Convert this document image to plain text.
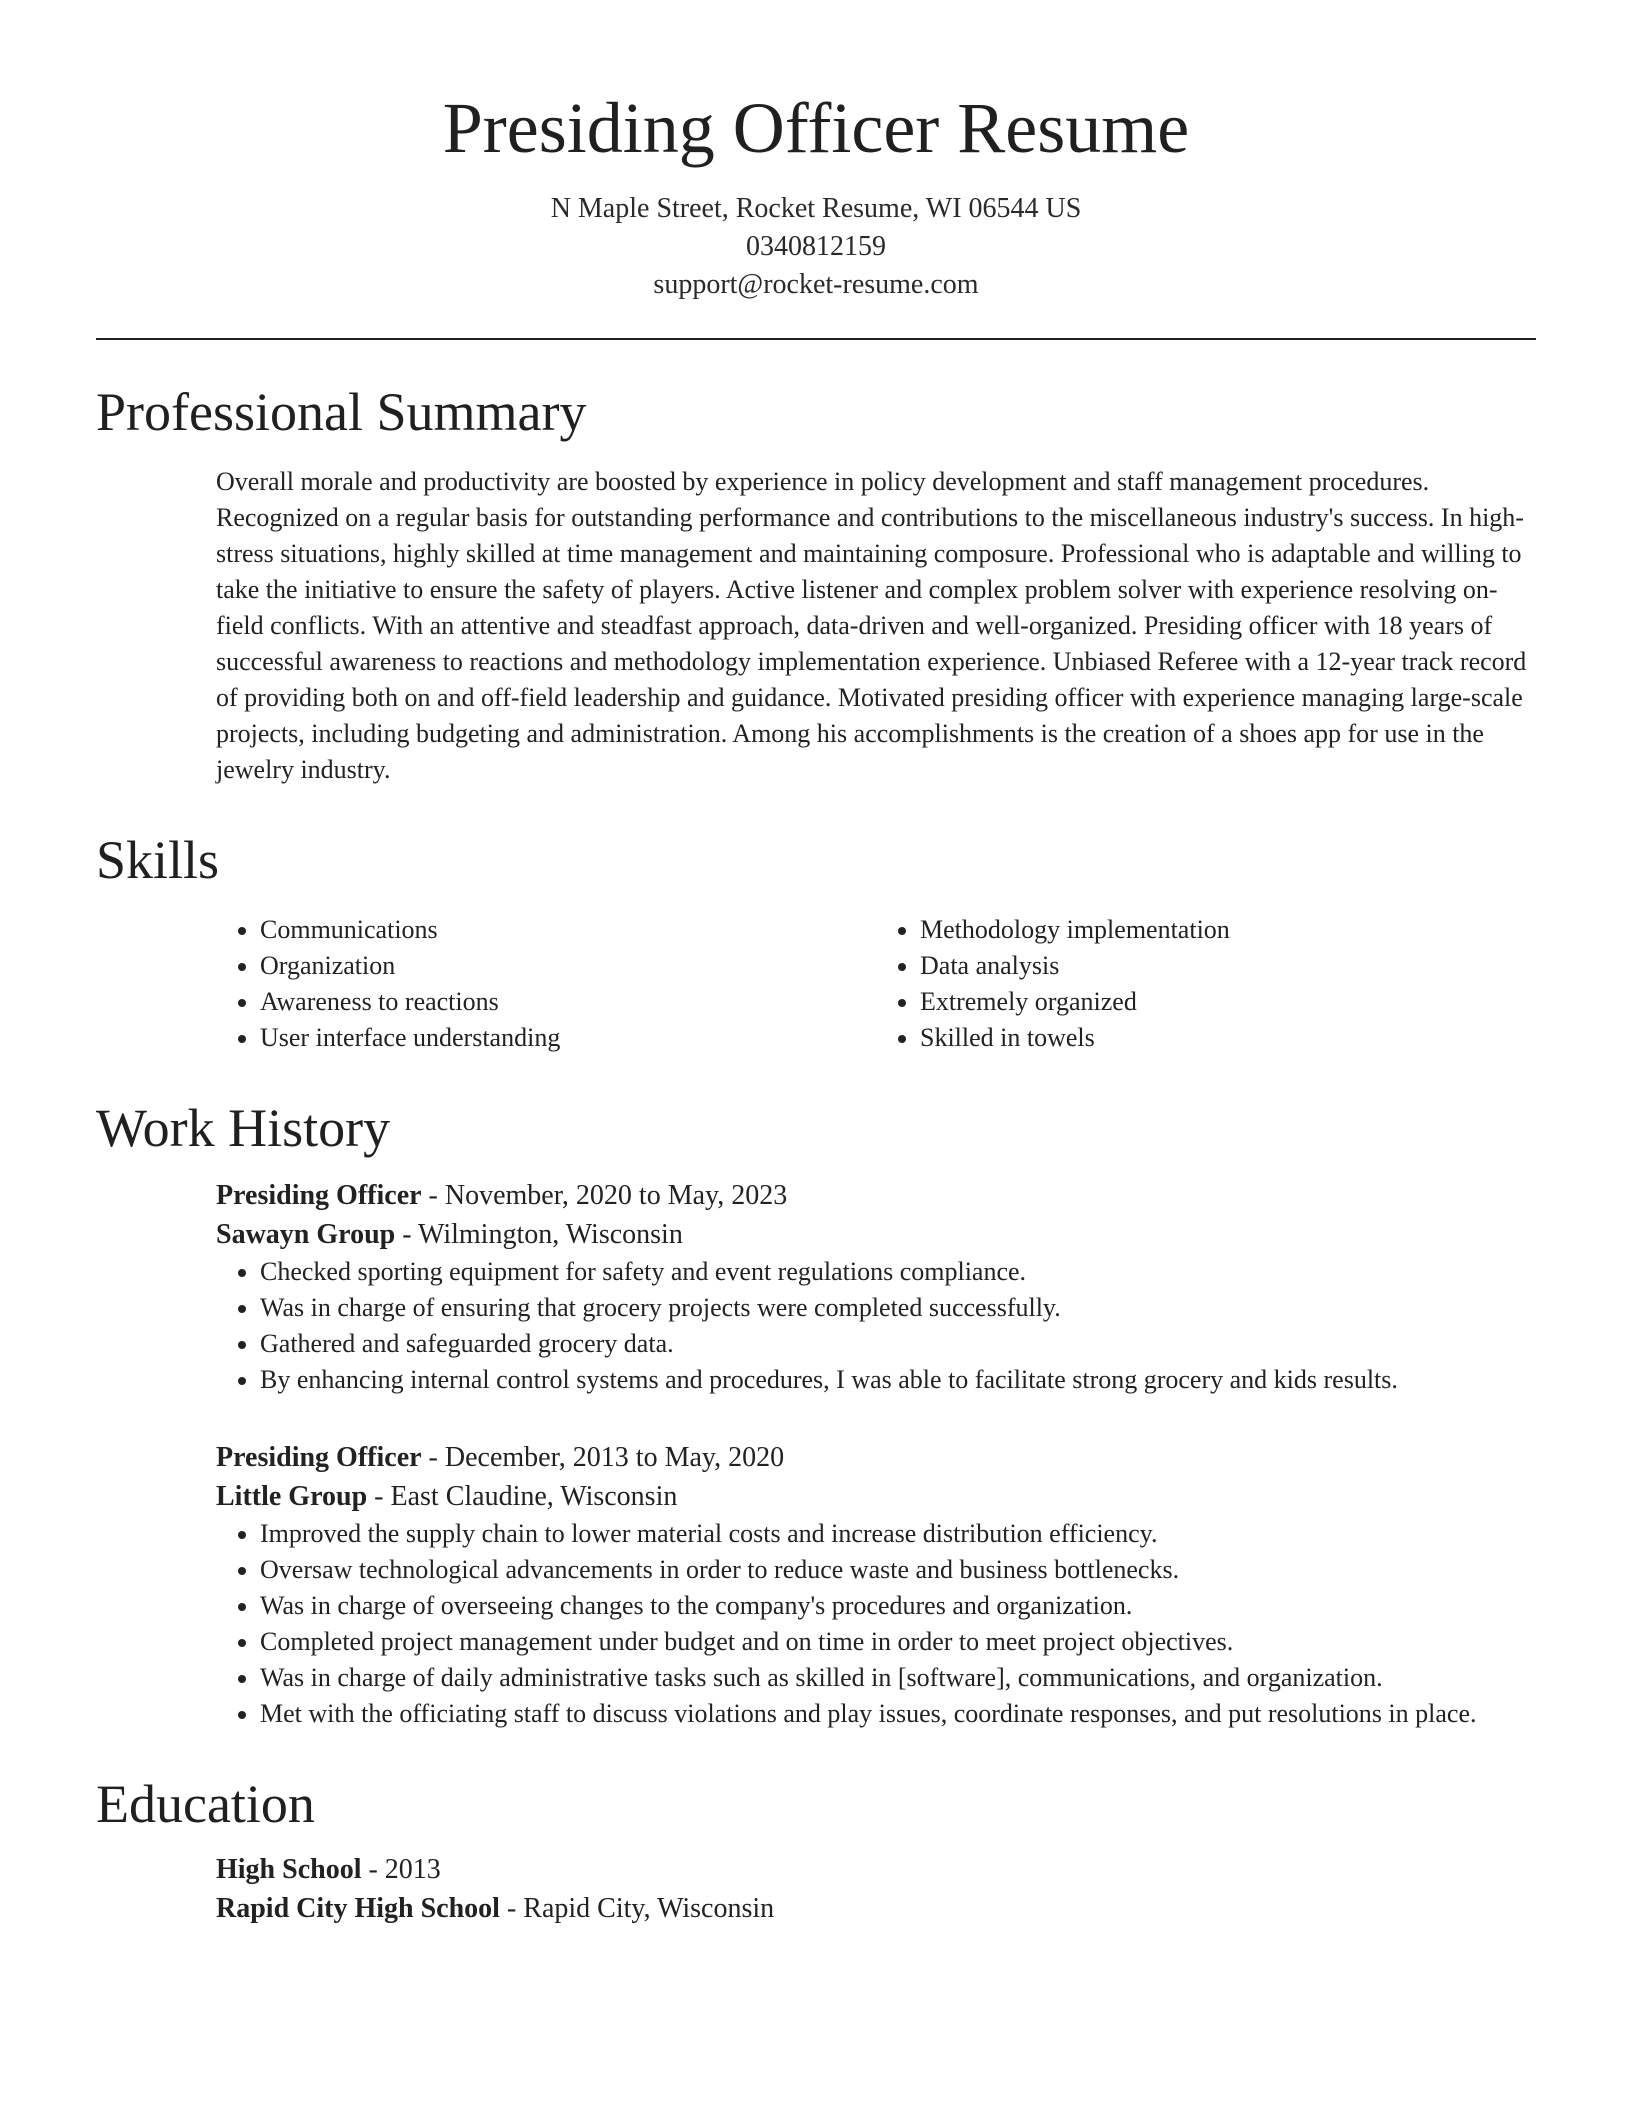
Presiding Officer Resume
N Maple Street, Rocket Resume, WI 06544 US
0340812159
support@rocket-resume.com
Professional Summary
Overall morale and productivity are boosted by experience in policy development and staff management procedures. Recognized on a regular basis for outstanding performance and contributions to the miscellaneous industry's success. In high-stress situations, highly skilled at time management and maintaining composure. Professional who is adaptable and willing to take the initiative to ensure the safety of players. Active listener and complex problem solver with experience resolving on-field conflicts. With an attentive and steadfast approach, data-driven and well-organized. Presiding officer with 18 years of successful awareness to reactions and methodology implementation experience. Unbiased Referee with a 12-year track record of providing both on and off-field leadership and guidance. Motivated presiding officer with experience managing large-scale projects, including budgeting and administration. Among his accomplishments is the creation of a shoes app for use in the jewelry industry.
Skills
• Communications
• Organization
• Awareness to reactions
• User interface understanding
• Methodology implementation
• Data analysis
• Extremely organized
• Skilled in towels
Work History
Presiding Officer - November, 2020 to May, 2023
Sawayn Group - Wilmington, Wisconsin
• Checked sporting equipment for safety and event regulations compliance.
• Was in charge of ensuring that grocery projects were completed successfully.
• Gathered and safeguarded grocery data.
• By enhancing internal control systems and procedures, I was able to facilitate strong grocery and kids results.
Presiding Officer - December, 2013 to May, 2020
Little Group - East Claudine, Wisconsin
• Improved the supply chain to lower material costs and increase distribution efficiency.
• Oversaw technological advancements in order to reduce waste and business bottlenecks.
• Was in charge of overseeing changes to the company's procedures and organization.
• Completed project management under budget and on time in order to meet project objectives.
• Was in charge of daily administrative tasks such as skilled in [software], communications, and organization.
• Met with the officiating staff to discuss violations and play issues, coordinate responses, and put resolutions in place.
Education
High School - 2013
Rapid City High School - Rapid City, Wisconsin
